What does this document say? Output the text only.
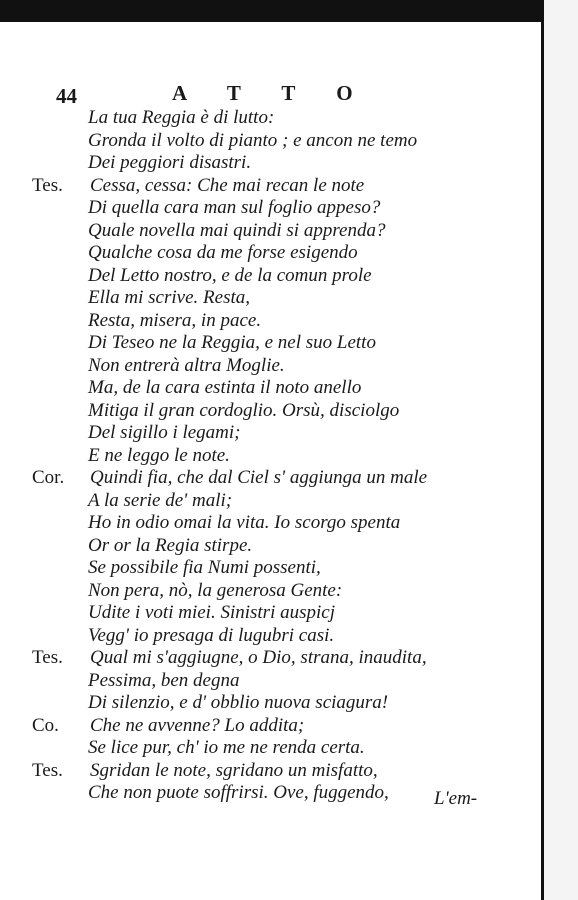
44	A T T O
La tua Reggia è di lutto:
Gronda il volto di pianto ; e ancon ne temo
Dei peggiori disastri.
Tes. Cessa, cessa: Che mai recan le note
Di quella cara man sul foglio appeso?
Quale novella mai quindi si apprenda?
Qualche cosa da me forse esigendo
Del Letto nostro, e de la comun prole
Ella mi scrive. Resta,
Resta, misera, in pace.
Di Teseo ne la Reggia, e nel suo Letto
Non entrerà altra Moglie.
Ma, de la cara estinta il noto anello
Mitiga il gran cordoglio. Orsù, disciolgo
Del sigillo i legami;
E ne leggo le note.
Cor. Quindi fia, che dal Ciel s' aggiunga un male
A la serie de' mali;
Ho in odio omai la vita. Io scorgo spenta
Or or la Regia stirpe.
Se possibile fia Numi possenti,
Non pera, nò, la generosa Gente:
Udite i voti miei. Sinistri auspicj
Vegg' io presaga di lugubri casi.
Tes. Qual mi s'aggiugne, o Dio, strana, inaudita,
Pessima, ben degna
Di silenzio, e d' obblio nuova sciagura!
Co. Che ne avvenne? Lo addita;
Se lice pur, ch' io me ne renda certa.
Tes. Sgridan le note, sgridano un misfatto,
Che non puote soffrirsi. Ove, fuggendo, L'em-
